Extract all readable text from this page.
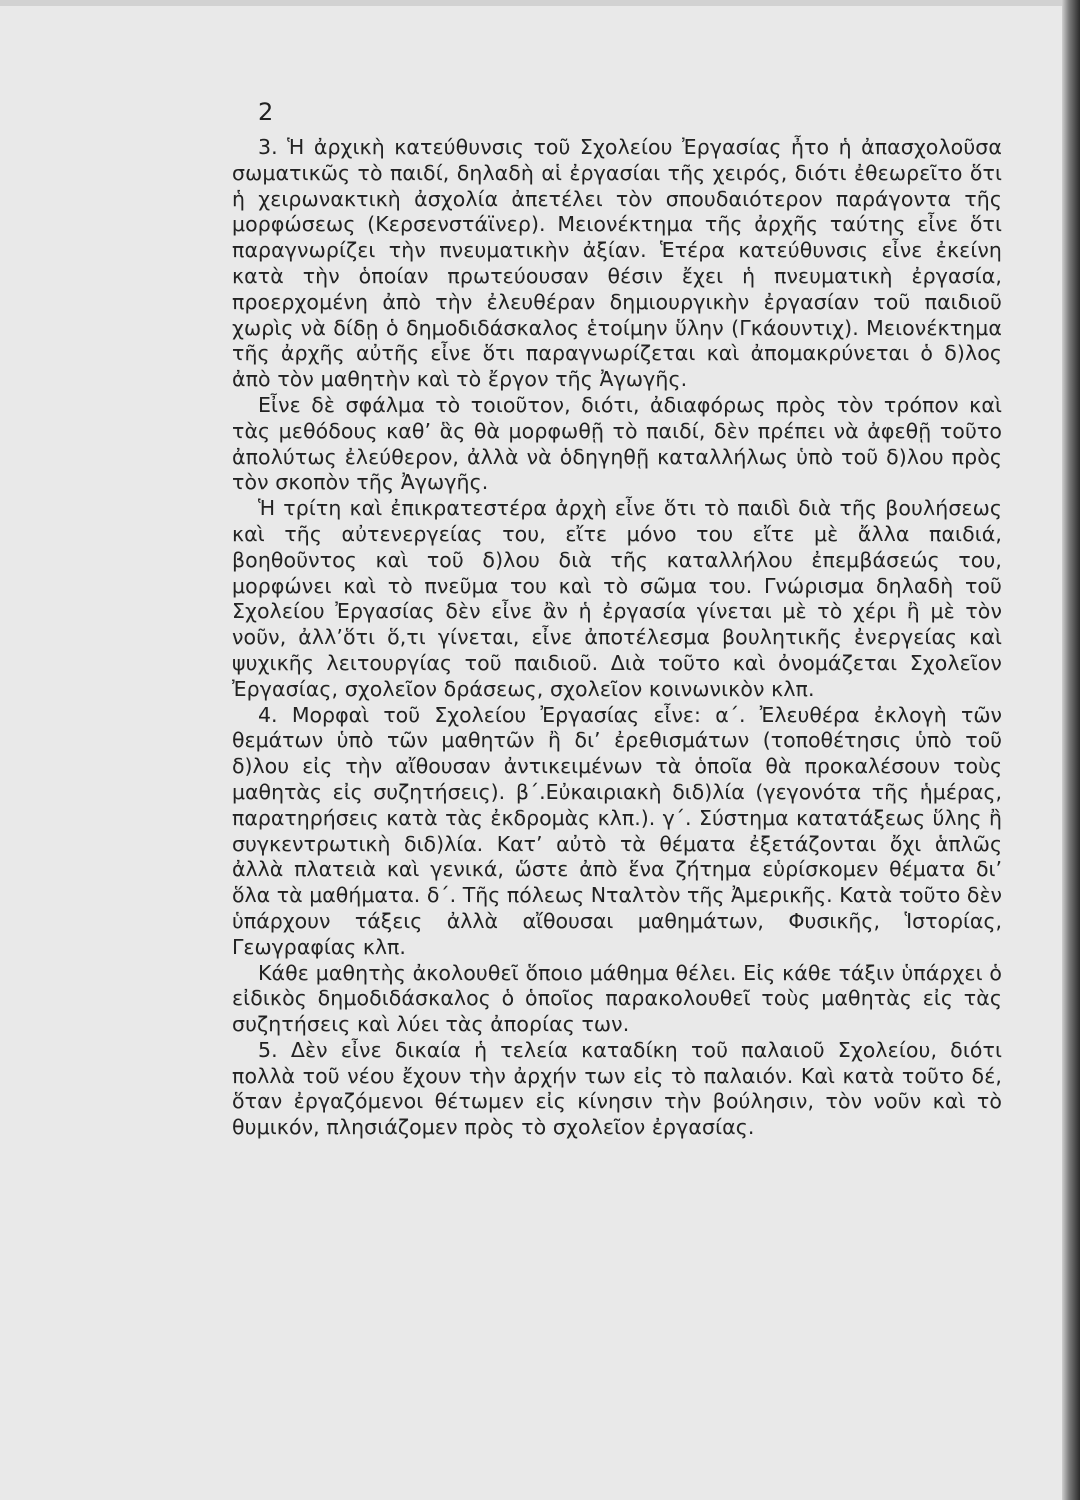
2

3. Ἡ ἀρχικὴ κατεύθυνσις τοῦ Σχολείου Ἐργασίας ἦτο ἡ ἀπασχολοῦσα σωματικῶς τὸ παιδί, δηλαδὴ αἱ ἐργασίαι τῆς χειρός, διότι ἐθεωρεῖτο ὅτι ἡ χειρωνακτικὴ ἀσχολία ἀπετέλει τὸν σπουδαιότερον παράγοντα τῆς μορφώσεως (Κερσενστάϊνερ). Μειονέκτημα τῆς ἀρχῆς ταύτης εἶνε ὅτι παραγνωρίζει τὴν πνευματικὴν ἀξίαν. Ἑτέρα κατεύθυνσις εἶνε ἐκείνη κατὰ τὴν ὁποίαν πρωτεύουσαν θέσιν ἔχει ἡ πνευματικὴ ἐργασία, προερχομένη ἀπὸ τὴν ἐλευθέραν δημιουργικὴν ἐργασίαν τοῦ παιδιοῦ χωρὶς νὰ δίδῃ ὁ δημοδιδάσκαλος ἑτοίμην ὕλην (Γκάουντιχ). Μειονέκτημα τῆς ἀρχῆς αὐτῆς εἶνε ὅτι παραγνωρίζεται καὶ ἀπομακρύνεται ὁ δ)λος ἀπὸ τὸν μαθητὴν καὶ τὸ ἔργον τῆς Ἀγωγῆς.

Εἶνε δὲ σφάλμα τὸ τοιοῦτον, διότι, ἀδιαφόρως πρὸς τὸν τρόπον καὶ τὰς μεθόδους καθ’ ἃς θὰ μορφωθῇ τὸ παιδί, δὲν πρέπει νὰ ἀφεθῇ τοῦτο ἀπολύτως ἐλεύθερον, ἀλλὰ νὰ ὁδηγηθῇ καταλλήλως ὑπὸ τοῦ δ)λου πρὸς τὸν σκοπὸν τῆς Ἀγωγῆς.

Ἡ τρίτη καὶ ἐπικρατεστέρα ἀρχὴ εἶνε ὅτι τὸ παιδὶ διὰ τῆς βουλήσεως καὶ τῆς αὐτενεργείας του, εἴτε μόνο του εἴτε μὲ ἄλλα παιδιά, βοηθοῦντος καὶ τοῦ δ)λου διὰ τῆς καταλλήλου ἐπεμβάσεώς του, μορφώνει καὶ τὸ πνεῦμα του καὶ τὸ σῶμα του. Γνώρισμα δηλαδὴ τοῦ Σχολείου Ἐργασίας δὲν εἶνε ἂν ἡ ἐργασία γίνεται μὲ τὸ χέρι ἢ μὲ τὸν νοῦν, ἀλλ’ὅτι ὅ,τι γίνεται, εἶνε ἀποτέλεσμα βουλητικῆς ἐνεργείας καὶ ψυχικῆς λειτουργίας τοῦ παιδιοῦ. Διὰ τοῦτο καὶ ὀνομάζεται Σχολεῖον Ἐργασίας, σχολεῖον δράσεως, σχολεῖον κοινωνικὸν κλπ.

4. Μορφαὶ τοῦ Σχολείου Ἐργασίας εἶνε: α΄. Ἐλευθέρα ἐκλογὴ τῶν θεμάτων ὑπὸ τῶν μαθητῶν ἢ δι’ ἐρεθισμάτων (τοποθέτησις ὑπὸ τοῦ δ)λου εἰς τὴν αἴθουσαν ἀντικειμένων τὰ ὁποῖα θὰ προκαλέσουν τοὺς μαθητὰς εἰς συζητήσεις). β΄.Εὐκαιριακὴ διδ)λία (γεγονότα τῆς ἡμέρας, παρατηρήσεις κατὰ τὰς ἐκδρομὰς κλπ.). γ΄. Σύστημα κατατάξεως ὕλης ἢ συγκεντρωτικὴ διδ)λία. Κατ’ αὐτὸ τὰ θέματα ἐξετάζονται ὄχι ἁπλῶς ἀλλὰ πλατειὰ καὶ γενικά, ὥστε ἀπὸ ἕνα ζήτημα εὑρίσκομεν θέματα δι’ ὅλα τὰ μαθήματα. δ΄. Τῆς πόλεως Νταλτὸν τῆς Ἀμερικῆς. Κατὰ τοῦτο δὲν ὑπάρχουν τάξεις ἀλλὰ αἴθουσαι μαθημάτων, Φυσικῆς, Ἱστορίας, Γεωγραφίας κλπ.

Κάθε μαθητὴς ἀκολουθεῖ ὅποιο μάθημα θέλει. Εἰς κάθε τάξιν ὑπάρχει ὁ εἰδικὸς δημοδιδάσκαλος ὁ ὁποῖος παρακολουθεῖ τοὺς μαθητὰς εἰς τὰς συζητήσεις καὶ λύει τὰς ἀπορίας των.

5. Δὲν εἶνε δικαία ἡ τελεία καταδίκη τοῦ παλαιοῦ Σχολείου, διότι πολλὰ τοῦ νέου ἔχουν τὴν ἀρχήν των εἰς τὸ παλαιόν. Καὶ κατὰ τοῦτο δέ, ὅταν ἐργαζόμενοι θέτωμεν εἰς κίνησιν τὴν βούλησιν, τὸν νοῦν καὶ τὸ θυμικόν, πλησιάζομεν πρὸς τὸ σχολεῖον ἐργασίας.
